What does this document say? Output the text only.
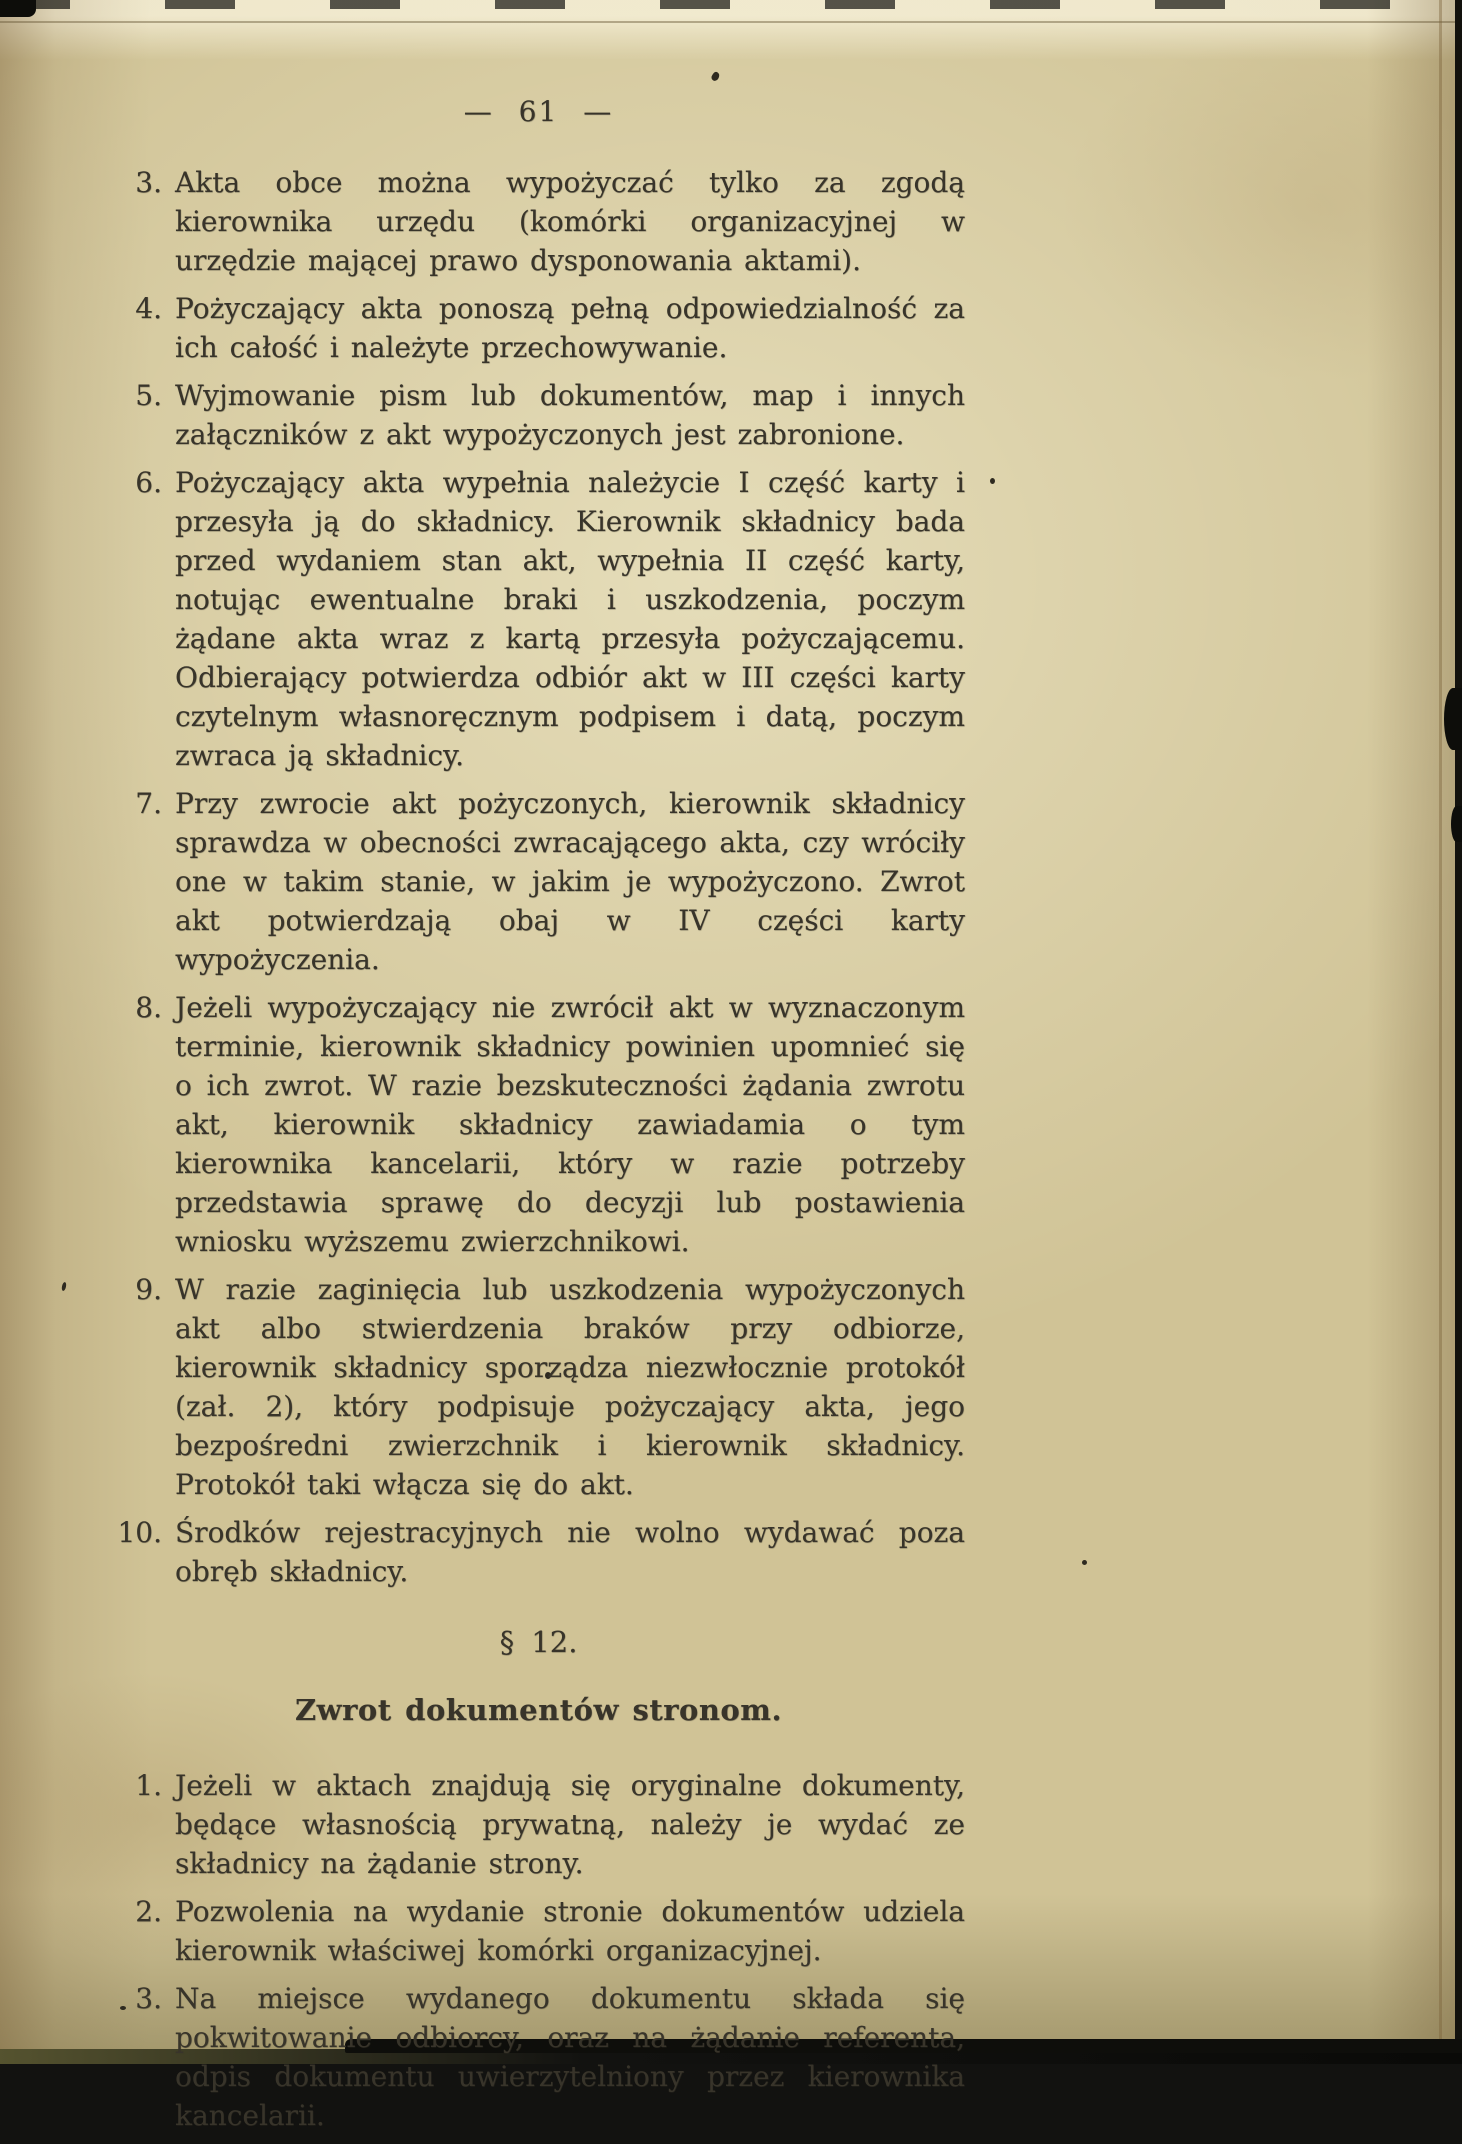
— 61 —
3. Akta obce można wypożyczać tylko za zgodą kierownika urzędu (komórki organizacyjnej w urzędzie mającej prawo dysponowania aktami).
4. Pożyczający akta ponoszą pełną odpowiedzialność za ich całość i należyte przechowywanie.
5. Wyjmowanie pism lub dokumentów, map i innych załączników z akt wypożyczonych jest zabronione.
6. Pożyczający akta wypełnia należycie I część karty i przesyła ją do składnicy. Kierownik składnicy bada przed wydaniem stan akt, wypełnia II część karty, notując ewentualne braki i uszkodzenia, poczym żądane akta wraz z kartą przesyła pożyczającemu. Odbierający potwierdza odbiór akt w III części karty czytelnym własnoręcznym podpisem i datą, poczym zwraca ją składnicy.
7. Przy zwrocie akt pożyczonych, kierownik składnicy sprawdza w obecności zwracającego akta, czy wróciły one w takim stanie, w jakim je wypożyczono. Zwrot akt potwierdzają obaj w IV części karty wypożyczenia.
8. Jeżeli wypożyczający nie zwrócił akt w wyznaczonym terminie, kierownik składnicy powinien upomnieć się o ich zwrot. W razie bezskuteczności żądania zwrotu akt, kierownik składnicy zawiadamia o tym kierownika kancelarii, który w razie potrzeby przedstawia sprawę do decyzji lub postawienia wniosku wyższemu zwierzchnikowi.
9. W razie zaginięcia lub uszkodzenia wypożyczonych akt albo stwierdzenia braków przy odbiorze, kierownik składnicy sporządza niezwłocznie protokół (zał. 2), który podpisuje pożyczający akta, jego bezpośredni zwierzchnik i kierownik składnicy. Protokół taki włącza się do akt.
10. Środków rejestracyjnych nie wolno wydawać poza obręb składnicy.
§ 12.
Zwrot dokumentów stronom.
1. Jeżeli w aktach znajdują się oryginalne dokumenty, będące własnością prywatną, należy je wydać ze składnicy na żądanie strony.
2. Pozwolenia na wydanie stronie dokumentów udziela kierownik właściwej komórki organizacyjnej.
3. Na miejsce wydanego dokumentu składa się pokwitowanie odbiorcy, oraz na żądanie referenta, odpis dokumentu uwierzytelniony przez kierownika kancelarii.
